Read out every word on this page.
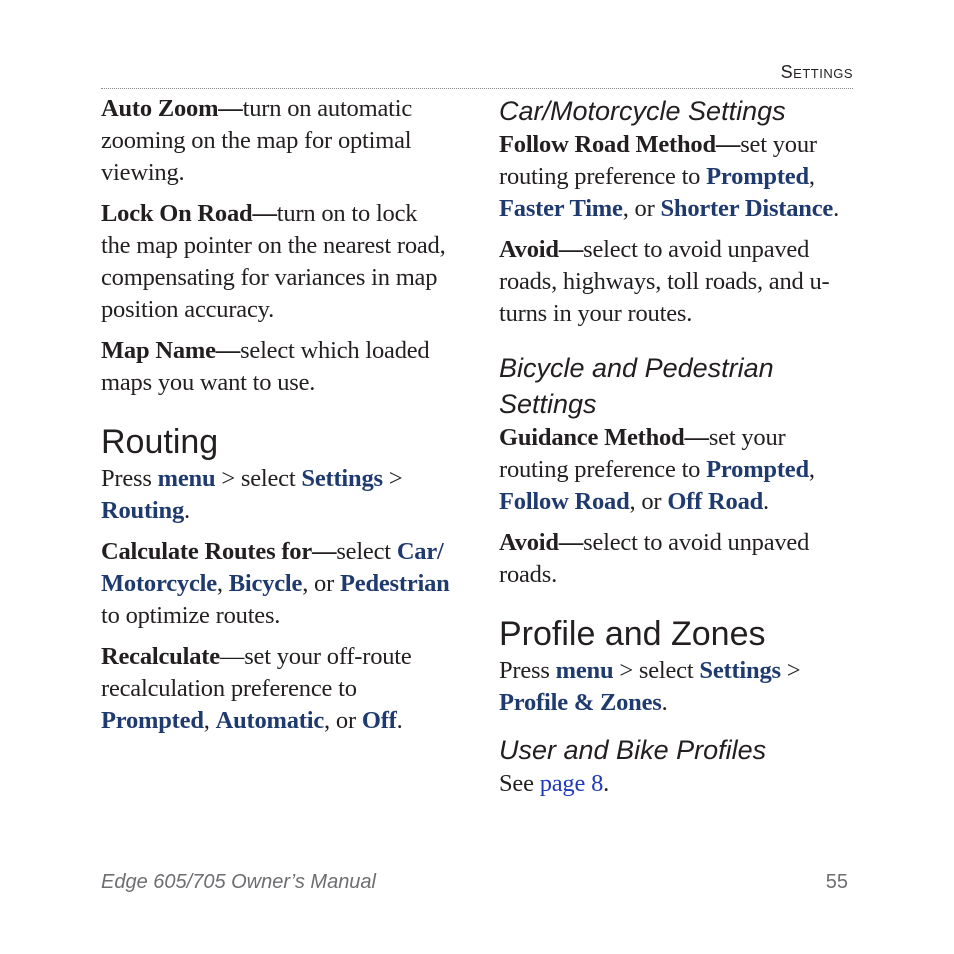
Settings

Auto Zoom—turn on automatic zooming on the map for optimal viewing.

Lock On Road—turn on to lock the map pointer on the nearest road, compensating for variances in map position accuracy.

Map Name—select which loaded maps you want to use.

Routing

Press menu > select Settings > Routing.

Calculate Routes for—select Car/ Motorcycle, Bicycle, or Pedestrian to optimize routes.

Recalculate—set your off-route recalculation preference to Prompted, Automatic, or Off.

Car/Motorcycle Settings

Follow Road Method—set your routing preference to Prompted, Faster Time, or Shorter Distance.

Avoid—select to avoid unpaved roads, highways, toll roads, and u-turns in your routes.

Bicycle and Pedestrian Settings

Guidance Method—set your routing preference to Prompted, Follow Road, or Off Road.

Avoid—select to avoid unpaved roads.

Profile and Zones

Press menu > select Settings > Profile & Zones.

User and Bike Profiles

See page 8.

Edge 605/705 Owner’s Manual	55
